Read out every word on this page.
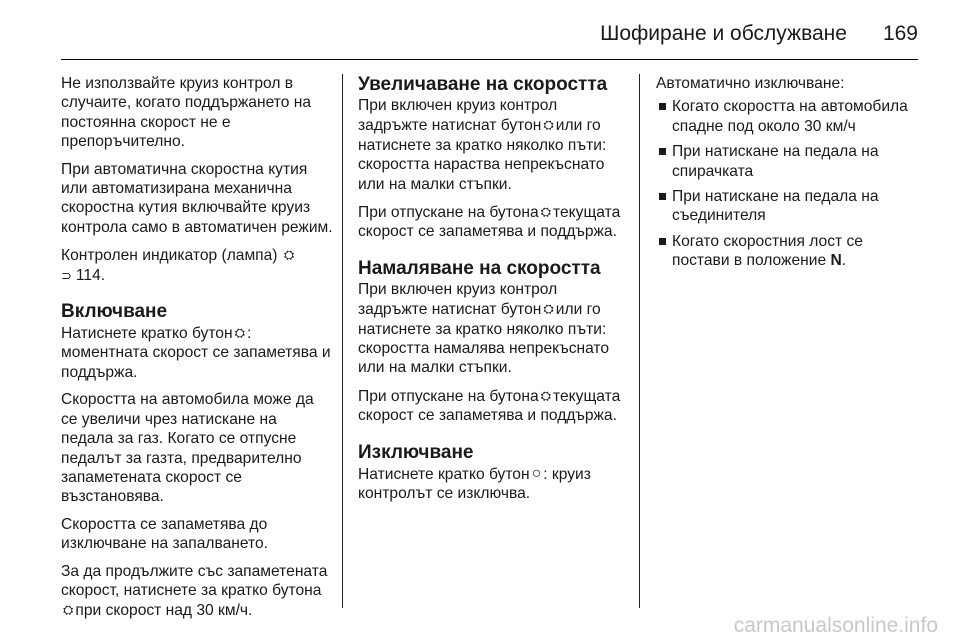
Шофиране и обслужване 169

Не използвайте круиз контрол в случаите, когато поддържането на постоянна скорост не е препоръчително.

При автоматична скоростна кутия или автоматизирана механична скоростна кутия включвайте круиз контрола само в автоматичен режим.

Контролен индикатор (лампа) ⛭
⊃ 114.

Включване

Натиснете кратко бутон ⛭ : моментната скорост се запаметява и поддържа.

Скоростта на автомобила може да се увеличи чрез натискане на педала за газ. Когато се отпусне педалът за газта, предварително запаметената скорост се възстановява.

Скоростта се запаметява до изключване на запалването.

За да продължите със запаметената скорост, натиснете за кратко бутона⛭ при скорост над 30 км/ч.

Увеличаване на скоростта

При включен круиз контрол задръжте натиснат бутон ⛭ или го натиснете за кратко няколко пъти: скоростта нараства непрекъснато или на малки стъпки.

При отпускане на бутона ⛭ текущата скорост се запаметява и поддържа.

Намаляване на скоростта

При включен круиз контрол задръжте натиснат бутон ⛭ или го натиснете за кратко няколко пъти: скоростта намалява непрекъснато или на малки стъпки.

При отпускане на бутона ⛭ текущата скорост се запаметява и поддържа.

Изключване

Натиснете кратко бутон ○ : круиз контролът се изключва.

Автоматично изключване:

Когато скоростта на автомобила спадне под около 30 км/ч
При натискане на педала на спирачката
При натискане на педала на съединителя
Когато скоростния лост се постави в положение N.
carmanualsonline.info
